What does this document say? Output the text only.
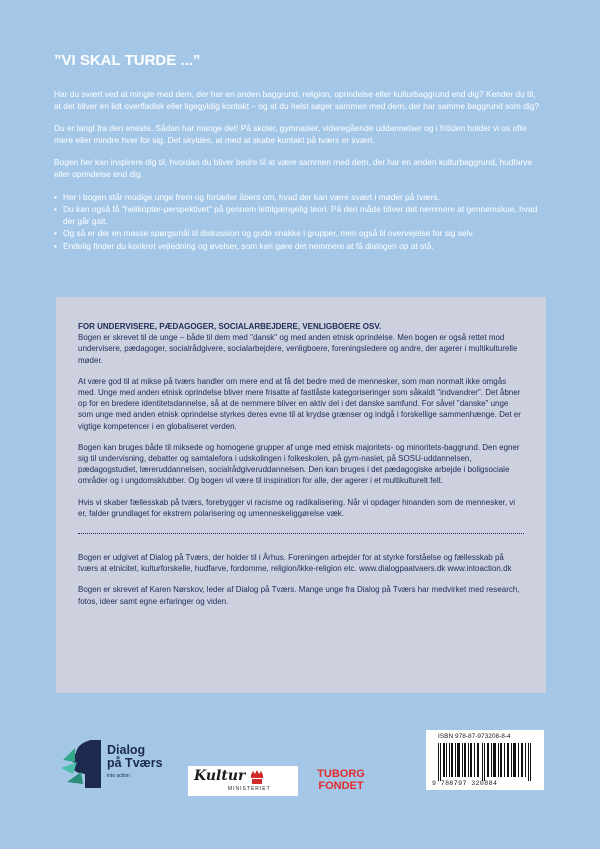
”VI SKAL TURDE ...”

Har du svært ved at mingle med dem, der har en anden baggrund, religion, oprindelse eller kulturbaggrund end dig? Kender du til, at det bliver en lidt overfladisk eller ligegyldig kontakt – og at du helst søger sammen med dem, der har samme baggrund som dig?

Du er langt fra den eneste. Sådan har mange det! På skoler, gymnasier, videregående uddannelser og i fritiden holder vi os ofte mere eller mindre hver for sig. Det skyldes, at med at skabe kontakt på tværs er svært.

Bogen her kan inspirere dig til, hvordan du bliver bedre til at være sammen med dem, der har en anden kulturbaggrund, hudfarve eller oprindelse end dig.

• Her i bogen står modige unge frem og fortæller åbent om, hvad der kan være svært i møder på tværs.
• Du kan også få "helikopter-perspektivet" på gennem lettilgængelig teori. På den måde bliver det nemmere at gennemskue, hvad der går galt.
• Og så er der en masse spørgsmål til diskussion og gode snakke i grupper, men også til overvejelse for sig selv.
• Endelig finder du konkret vejledning og øvelser, som kan gøre det nemmere at få dialogen op at stå.
FOR UNDERVISERE, PÆDAGOGER, SOCIALARBEJDERE, VENLIGBOERE OSV.

Bogen er skrevet til de unge – både til dem med "dansk" og med anden etnisk oprindelse. Men bogen er også rettet mod undervisere, pædagoger, socialrådgivere, socialarbejdere, venligboere, foreningsledere og andre, der agerer i multikulturelle møder.

At være god til at mikse på tværs handler om mere end at få det bedre med de mennesker, som man normalt ikke omgås med. Unge med anden etnisk oprindelse bliver mere frisatte af fastlåste kategoriseringer som såkaldt "indvandrer". Det åbner op for en bredere identitetsdannelse, så at de nemmere bliver en aktiv del i det danske samfund. For såvel "danske" unge som unge med anden etnisk oprindelse styrkes deres evne til at krydse grænser og indgå i forskellige sammenhænge. Det er vigtige kompetencer i en globaliseret verden.

Bogen kan bruges både til miksede og homogene grupper af unge med etnisk majoritets- og minoritets-baggrund. Den egner sig til undervisning, debatter og samtalefora i udskolingen i folkeskolen, på gym-nasiet, på SOSU-uddannelsen, pædagogstudiet, læreruddannelsen, socialrådgiveruddannelsen. Den kan bruges i det pædagogiske arbejde i boligsociale områder og i ungdomsklubber. Og bogen vil være til inspiration for alle, der agerer i et multikulturelt felt.

Hvis vi skaber fællesskab på tværs, forebygger vi racisme og radikalisering. Når vi opdager hinanden som de mennesker, vi er, falder grundlaget for ekstrem polarisering og umenneskeliggørelse væk.

Bogen er udgivet af Dialog på Tværs, der holder til i Århus. Foreningen arbejder for at styrke forståelse og fællesskab på tværs at etnicitet, kulturforskelle, hudfarve, fordomme, religion/ikke-religion etc. www.dialogpaatvaers.dk www.intoaction.dk

Bogen er skrevet af Karen Nørskov, leder af Dialog på Tværs. Mange unge fra Dialog på Tværs har medvirket med research, fotos, ideer samt egne erfaringer og viden.

Dialog
på Tværs
into action	Kultur
MINISTERIET
TUBORG
FONDET
ISBN 978-87-973208-8-4
9 788797 320884
